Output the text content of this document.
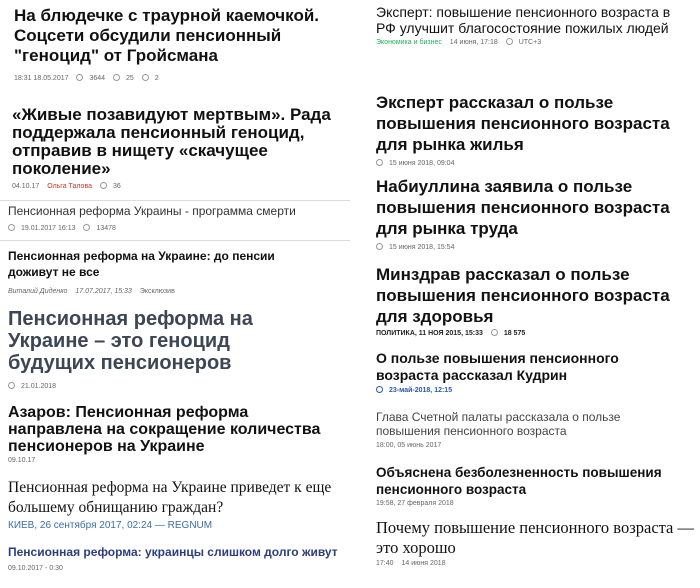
На блюдечке с траурной каемочкой. Соцсети обсудили пенсионный "геноцид" от Гройсмана
18:31 18.05.2017	3644	25	2
«Живые позавидуют мертвым». Рада поддержала пенсионный геноцид, отправив в нищету «скачущее поколение»
04.10.17 Ольга Талова	36
Пенсионная реформа Украины - программа смерти
19.01.2017 16:13	13478
Пенсионная реформа на Украине: до пенсии доживут не все
Виталий Диденко 17.07.2017, 15:33 Эксклюзив
Пенсионная реформа на Украине – это геноцид будущих пенсионеров
21.01.2018
Азаров: Пенсионная реформа направлена на сокращение количества пенсионеров на Украине
09.10.17
Пенсионная реформа на Украине приведет к еще большему обнищанию граждан?
КИЕВ, 26 сентября 2017, 02:24 — REGNUM
Пенсионная реформа: украинцы слишком долго живут
09.10.2017 - 0:30
Эксперт: повышение пенсионного возраста в РФ улучшит благосостояние пожилых людей
Экономика и бизнес 14 июня, 17:18	UTC+3
Эксперт рассказал о пользе повышения пенсионного возраста для рынка жилья
15 июня 2018, 09:04
Набиуллина заявила о пользе повышения пенсионного возраста для рынка труда
15 июня 2018, 15:54
Минздрав рассказал о пользе повышения пенсионного возраста для здоровья
ПОЛИТИКА, 11 НОЯ 2015, 15:33	18 575
О пользе повышения пенсионного возраста рассказал Кудрин
23-май-2018, 12:15
Глава Счетной палаты рассказала о пользе повышения пенсионного возраста
18:00, 05 июнь 2017
Объяснена безболезненность повышения пенсионного возраста
19:58, 27 февраля 2018
Почему повышение пенсионного возраста — это хорошо
17:40 14 июня 2018
